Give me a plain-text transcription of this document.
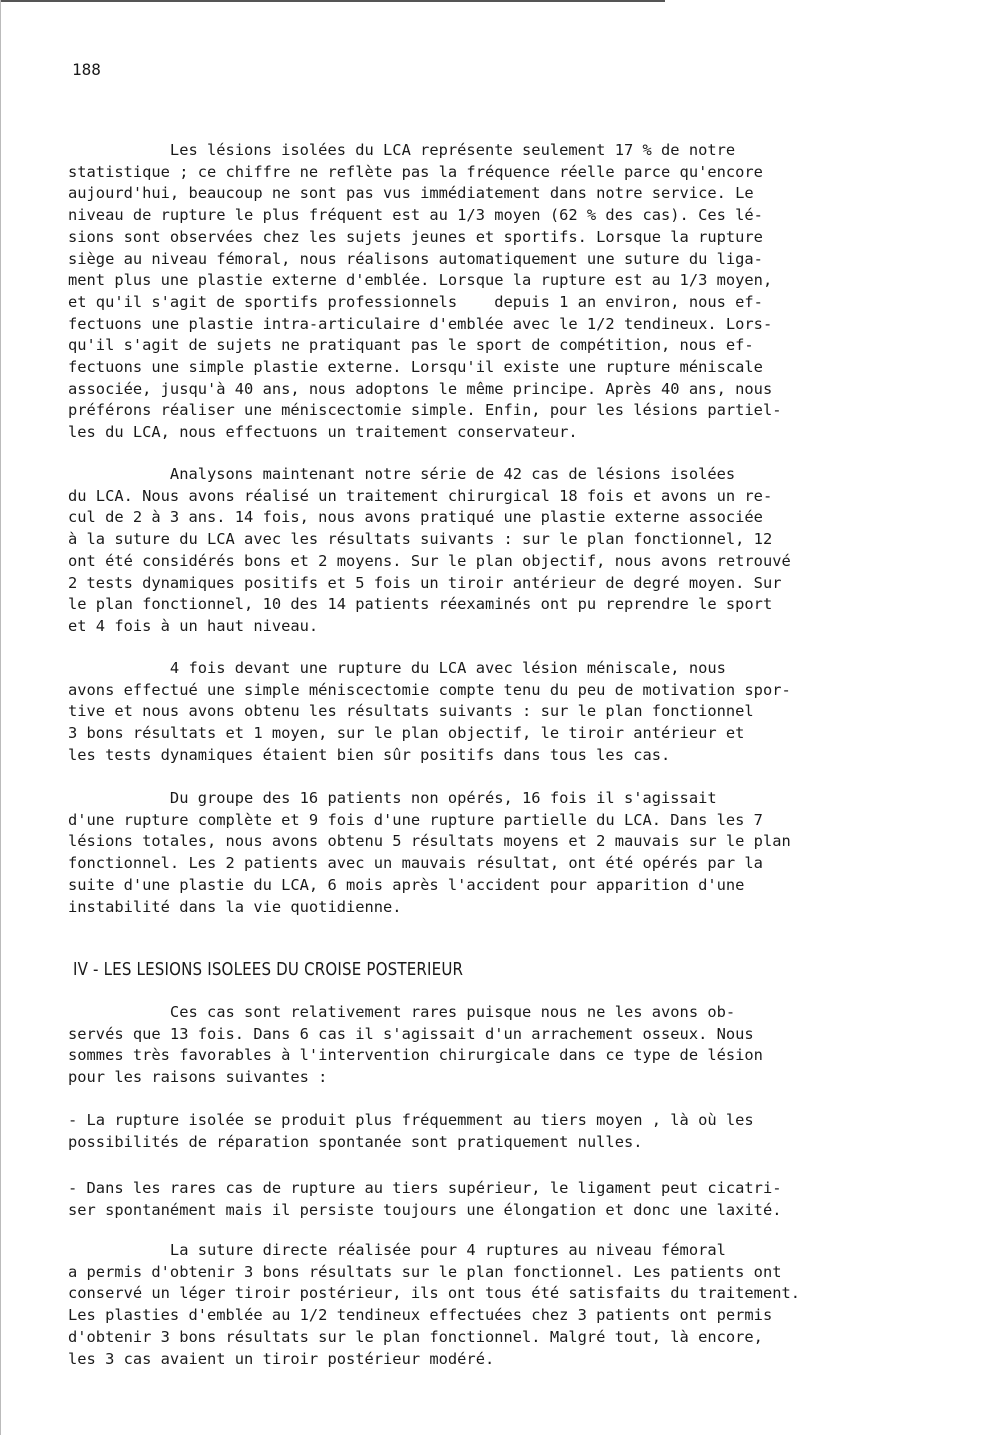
188
Les lésions isolées du LCA représente seulement 17 % de notre
statistique ; ce chiffre ne reflète pas la fréquence réelle parce qu'encore
aujourd'hui, beaucoup ne sont pas vus immédiatement dans notre service. Le
niveau de rupture le plus fréquent est au 1/3 moyen (62 % des cas). Ces lé-
sions sont observées chez les sujets jeunes et sportifs. Lorsque la rupture
siège au niveau fémoral, nous réalisons automatiquement une suture du liga-
ment plus une plastie externe d'emblée. Lorsque la rupture est au 1/3 moyen,
et qu'il s'agit de sportifs professionnels    depuis 1 an environ, nous ef-
fectuons une plastie intra-articulaire d'emblée avec le 1/2 tendineux. Lors-
qu'il s'agit de sujets ne pratiquant pas le sport de compétition, nous ef-
fectuons une simple plastie externe. Lorsqu'il existe une rupture méniscale
associée, jusqu'à 40 ans, nous adoptons le même principe. Après 40 ans, nous
préférons réaliser une méniscectomie simple. Enfin, pour les lésions partiel-
les du LCA, nous effectuons un traitement conservateur.
Analysons maintenant notre série de 42 cas de lésions isolées
du LCA. Nous avons réalisé un traitement chirurgical 18 fois et avons un re-
cul de 2 à 3 ans. 14 fois, nous avons pratiqué une plastie externe associée
à la suture du LCA avec les résultats suivants : sur le plan fonctionnel, 12
ont été considérés bons et 2 moyens. Sur le plan objectif, nous avons retrouvé
2 tests dynamiques positifs et 5 fois un tiroir antérieur de degré moyen. Sur
le plan fonctionnel, 10 des 14 patients réexaminés ont pu reprendre le sport
et 4 fois à un haut niveau.
4 fois devant une rupture du LCA avec lésion méniscale, nous
avons effectué une simple méniscectomie compte tenu du peu de motivation spor-
tive et nous avons obtenu les résultats suivants : sur le plan fonctionnel
3 bons résultats et 1 moyen, sur le plan objectif, le tiroir antérieur et
les tests dynamiques étaient bien sûr positifs dans tous les cas.
Du groupe des 16 patients non opérés, 16 fois il s'agissait
d'une rupture complète et 9 fois d'une rupture partielle du LCA. Dans les 7
lésions totales, nous avons obtenu 5 résultats moyens et 2 mauvais sur le plan
fonctionnel. Les 2 patients avec un mauvais résultat, ont été opérés par la
suite d'une plastie du LCA, 6 mois après l'accident pour apparition d'une
instabilité dans la vie quotidienne.
IV - LES LESIONS ISOLEES DU CROISE POSTERIEUR
Ces cas sont relativement rares puisque nous ne les avons ob-
servés que 13 fois. Dans 6 cas il s'agissait d'un arrachement osseux. Nous
sommes très favorables à l'intervention chirurgicale dans ce type de lésion
pour les raisons suivantes :
- La rupture isolée se produit plus fréquemment au tiers moyen , là où les
possibilités de réparation spontanée sont pratiquement nulles.
- Dans les rares cas de rupture au tiers supérieur, le ligament peut cicatri-
ser spontanément mais il persiste toujours une élongation et donc une laxité.
La suture directe réalisée pour 4 ruptures au niveau fémoral
a permis d'obtenir 3 bons résultats sur le plan fonctionnel. Les patients ont
conservé un léger tiroir postérieur, ils ont tous été satisfaits du traitement.
Les plasties d'emblée au 1/2 tendineux effectuées chez 3 patients ont permis
d'obtenir 3 bons résultats sur le plan fonctionnel. Malgré tout, là encore,
les 3 cas avaient un tiroir postérieur modéré.
